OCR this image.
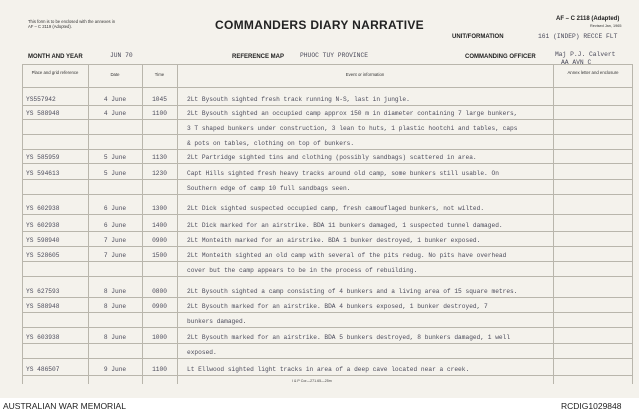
This form is to be enclosed with the annexes in AF – C 2119 (Adopted).	COMMANDERS DIARY NARRATIVE	AF – C 2118 (Adapted)
Revised Jan, 1965
UNIT/FORMATION	161 (INDEP) RECCE FLT
MONTH AND YEAR	JUN 70	REFERENCE MAP	PHUOC TUY PROVINCE	COMMANDING OFFICER	Maj P.J. Calvert
AA AVN C
Place and grid reference	Date	Time	Event or information	Annex letter and enclosure
YS557942	4 June	1045	2Lt Bysouth sighted fresh track running N-S, last in jungle.
YS 588948	4 June	1100	2Lt Bysouth sighted an occupied camp approx 150 m in diameter containing 7 large bunkers,
3 T shaped bunkers under construction, 3 lean to huts, 1 plastic hootchi and tables, caps
& pots on tables, clothing on top of bunkers.
YS 585959	5 June	1130	2Lt Partridge sighted tins and clothing (possibly sandbags) scattered in area.
YS 594613	5 June	1230	Capt Hills sighted fresh heavy tracks around old camp, some bunkers still usable. On
Southern edge of camp 10 full sandbags seen.
YS 602938	6 June	1300	2Lt Dick sighted suspected occupied camp, fresh camouflaged bunkers, not wilted.
YS 602938	6 June	1400	2Lt Dick marked for an airstrike. BDA 11 bunkers damaged, 1 suspected tunnel damaged.
YS 598940	7 June	0900	2Lt Monteith marked for an airstrike. BDA 1 bunker destroyed, 1 bunker exposed.
YS 528605	7 June	1500	2Lt Monteith sighted an old camp with several of the pits redug. No pits have overhead
cover but the camp appears to be in the process of rebuilding.
YS 627593	8 June	0800	2Lt Bysouth sighted a camp consisting of 4 bunkers and a living area of 15 square metres.
YS 588948	8 June	0900	2Lt Bysouth marked for an airstrike. BDA 4 bunkers exposed, 1 bunker destroyed, 7
bunkers damaged.
YS 603938	8 June	1000	2Lt Bysouth marked for an airstrike. BDA 5 bunkers destroyed, 8 bunkers damaged, 1 well
exposed.
YS 486507	9 June	1100	Lt Ellwood sighted light tracks in area of a deep cave located near a creek.
I & P Cor—271.65—25m
AUSTRALIAN WAR MEMORIAL	RCDIG1029848
